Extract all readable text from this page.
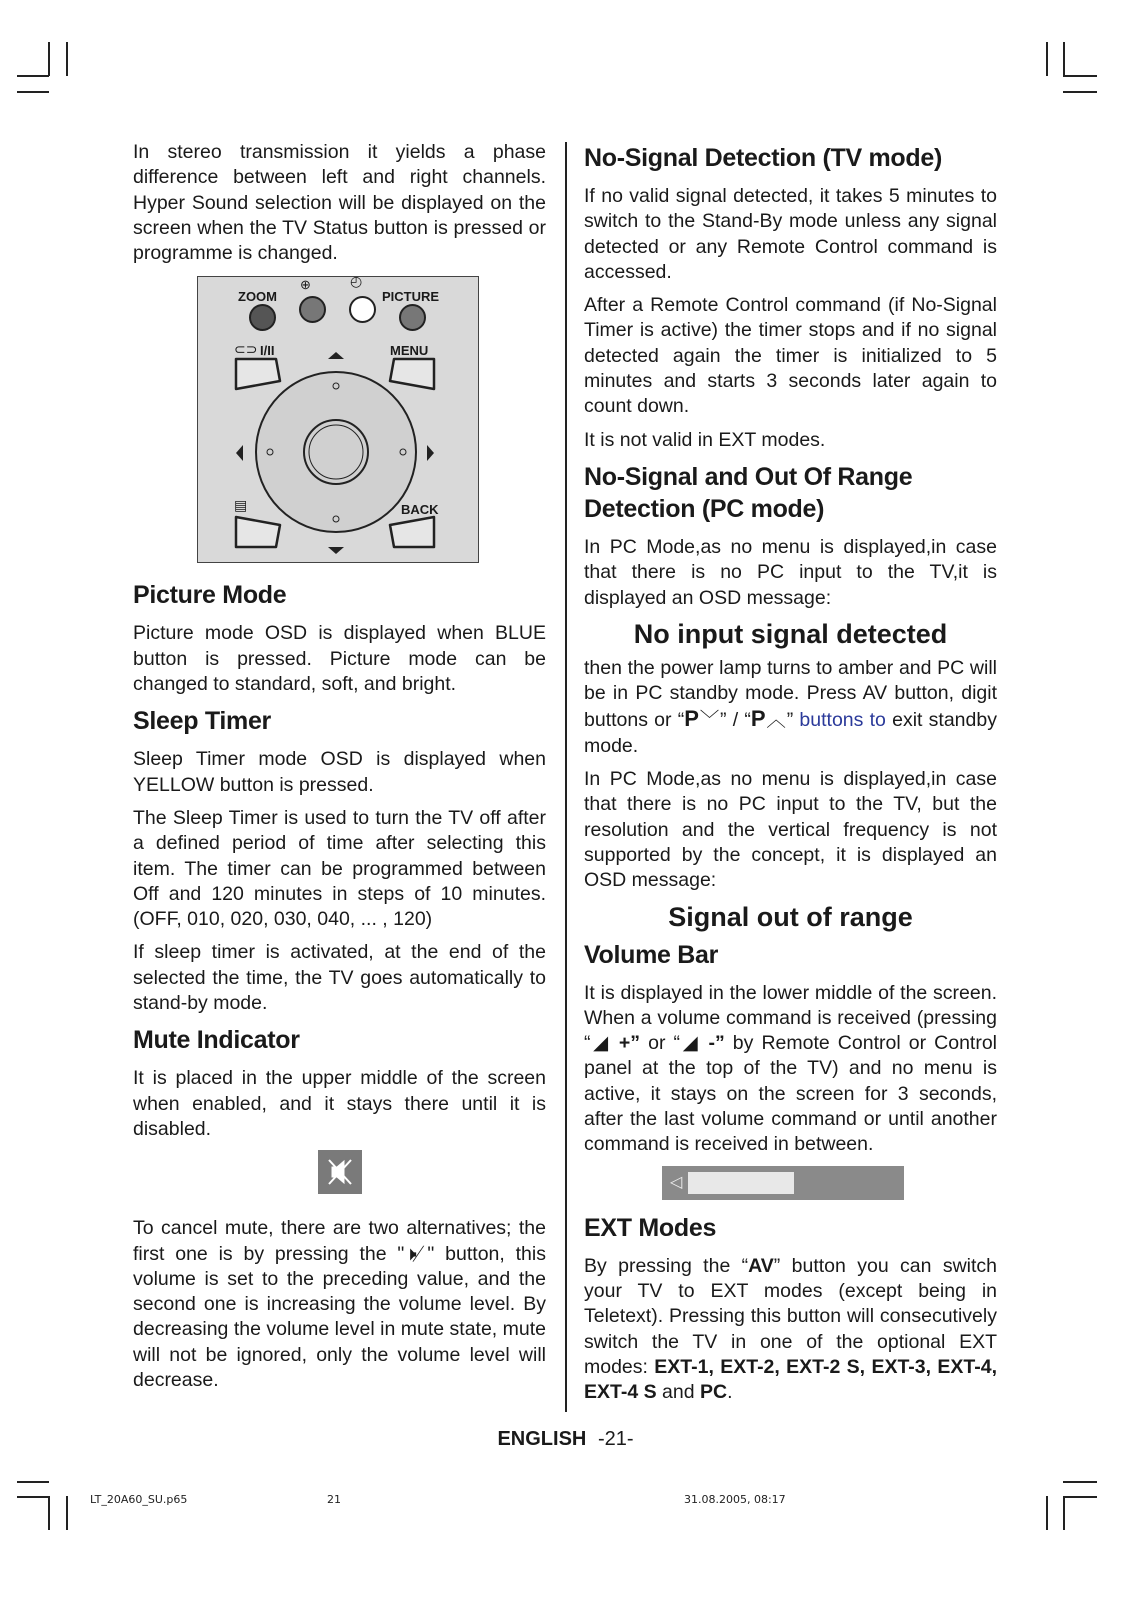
In stereo transmission it yields a phase difference between left and right channels. Hyper Sound selection will be displayed on the screen when the TV Status button is pressed or programme is changed.

ZOOM	PICTURE
⊕	◴
I/II
⊂⊃	MENU
BACK
▤
Picture Mode

Picture mode OSD is displayed when BLUE button is pressed. Picture mode can be changed to standard, soft, and bright.

Sleep Timer

Sleep Timer mode OSD is displayed when YELLOW button is pressed.

The Sleep Timer is used to turn the TV off after a defined period of time after selecting this item. The timer can be programmed between Off and 120 minutes in steps of 10 minutes. (OFF, 010, 020, 030, 040, ... , 120)

If sleep timer is activated, at the end of the selected the time, the TV goes automatically to stand-by mode.

Mute Indicator

It is placed in the upper middle of the screen when enabled, and it stays there until it is disabled.

To cancel mute, there are two alternatives; the first one is by pressing the "🕨̸" button, this volume is set to the preceding value, and the second one is increasing the volume level. By decreasing the volume level in mute state, mute will not be ignored, only the volume level will decrease.

No-Signal Detection (TV mode)

If no valid signal detected, it takes 5 minutes to switch to the Stand-By mode unless any signal detected or any Remote Control command is accessed.

After a Remote Control command (if No-Signal Timer is active) the timer stops and if no signal detected again the timer is initialized to 5 minutes and starts 3 seconds later again to count down.

It is not valid in EXT modes.

No-Signal and Out Of Range Detection (PC mode)

In PC Mode,as no menu is displayed,in case that there is no PC input to the TV,it is displayed an OSD message:

No input signal detected

then the power lamp turns to amber and PC will be in PC standby mode. Press AV button, digit buttons or “P﹀” / “P︿” buttons to exit standby mode.

In PC Mode,as no menu is displayed,in case that there is no PC input to the TV, but the resolution and the vertical frequency is not supported by the concept, it is displayed an OSD message:

Signal out of range
Volume Bar

It is displayed in the lower middle of the screen. When a volume command is received (pressing “◢ +” or “◢ -” by Remote Control or Control panel at the top of the TV) and no menu is active, it stays on the screen for 3 seconds, after the last volume command or until another command is received in between.

◁
EXT Modes

By pressing the “AV” button you can switch your TV to EXT modes (except being in Teletext). Pressing this button will consecutively switch the TV in one of the optional EXT modes: EXT-1, EXT-2, EXT-2 S, EXT-3, EXT-4, EXT-4 S and PC.

ENGLISH -21-
LT_20A60_SU.p65	21	31.08.2005, 08:17
